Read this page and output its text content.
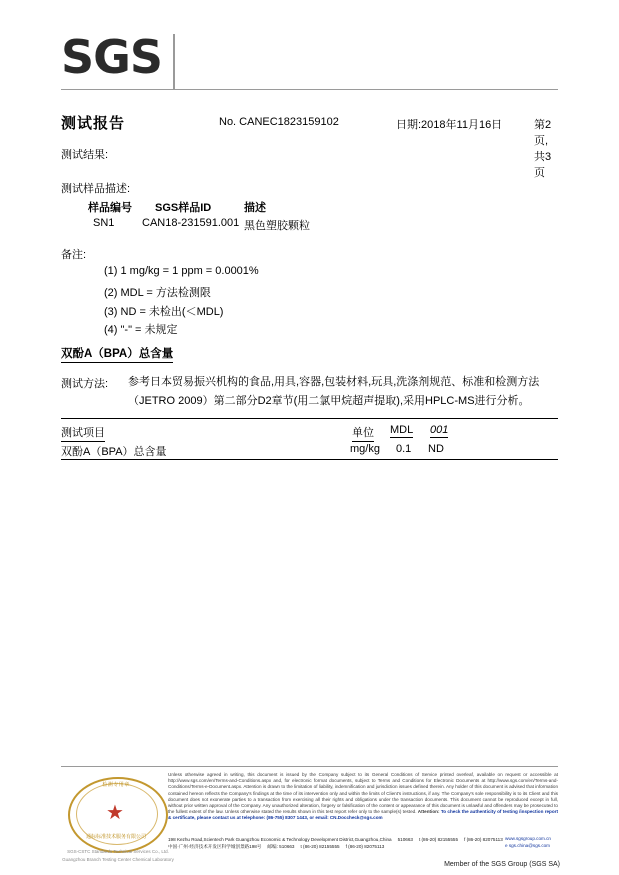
SGS
测试报告	No. CANEC1823159102	日期:2018年11月16日	第2页,共3页
测试结果:
测试样品描述:
样品编号 SGS样品ID	描述
SN1	CAN18-231591.001 黑色塑胶颗粒
备注:
(1) 1 mg/kg = 1 ppm = 0.0001%
(2) MDL = 方法检测限
(3) ND = 未检出(＜MDL)
(4) "-" = 未规定
双酚A（BPA）总含量
测试方法: 参考日本贸易振兴机构的食品,用具,容器,包装材料,玩具,洗涤剂规范、标准和检测方法（JETRO 2009）第二部分D2章节(用二氯甲烷超声提取),采用HPLC-MS进行分析。
测试项目	单位 MDL 001
双酚A（BPA）总含量	mg/kg 0.1 ND
★
检测专用章
通标标准技术服务有限公司
SGS-CSTC Standards Technical Services Co., Ltd.
Guangzhou Branch Testing Center Chemical Laboratory
Unless otherwise agreed in writing, this document is issued by the Company subject to its General Conditions of Service printed overleaf, available on request or accessible at http://www.sgs.com/en/Terms-and-Conditions.aspx and, for electronic format documents, subject to Terms and Conditions for Electronic Documents at http://www.sgs.com/en/Terms-and-Conditions/Terms-e-Document.aspx. Attention is drawn to the limitation of liability, indemnification and jurisdiction issues defined therein. Any holder of this document is advised that information contained hereon reflects the Company's findings at the time of its intervention only and within the limits of Client's instructions, if any. The Company's sole responsibility is to its Client and this document does not exonerate parties to a transaction from exercising all their rights and obligations under the transaction documents. This document cannot be reproduced except in full, without prior written approval of the Company. Any unauthorized alteration, forgery or falsification of the content or appearance of this document is unlawful and offenders may be prosecuted to the fullest extent of the law. Unless otherwise stated the results shown in this test report refer only to the sample(s) tested. Attention: To check the authenticity of testing /inspection report & certificate, please contact us at telephone: (86-755) 8307 1443, or email: CN.Doccheck@sgs.com
198 Kezhu Road,Scientech Park Guangzhou Economic & Technology Development District,Guangzhou,China 510663 t (86-20) 82155555 f (86-20) 82075113
中国·广州·经济技术开发区科学城创景路198号 邮编: 510663 t (86-20) 82155555 f (86-20) 82075113
www.sgsgroup.com.cn
e sgs.china@sgs.com
Member of the SGS Group (SGS SA)
